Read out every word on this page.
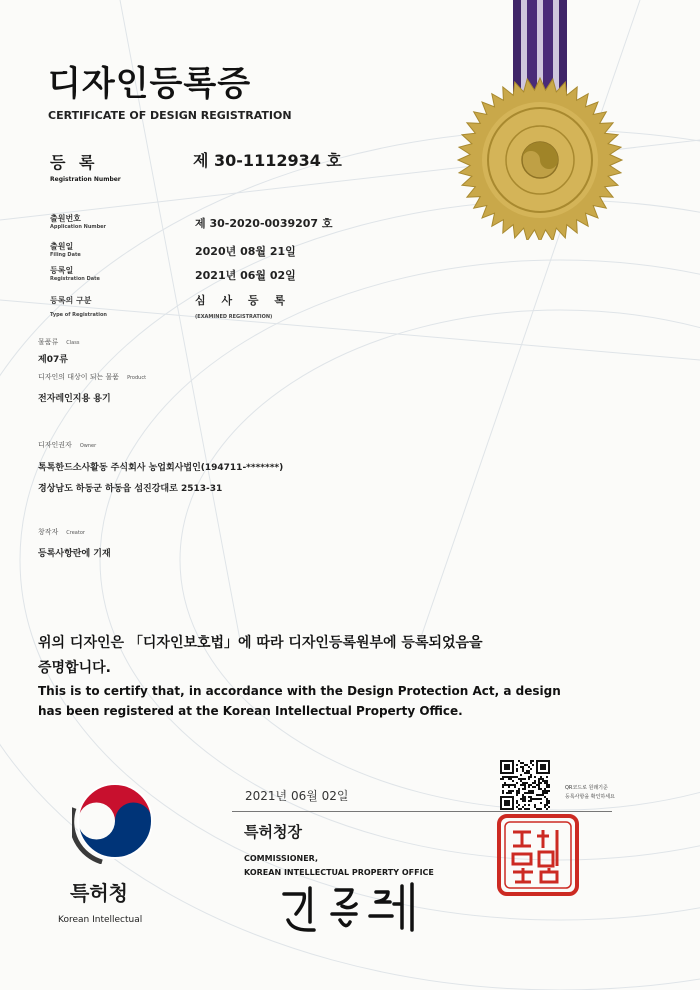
디자인등록증
CERTIFICATE OF DESIGN REGISTRATION
등 록
Registration Number
제 30-1112934 호
출원번호
Application Number	제 30-2020-0039207 호
출원일
Filing Date	2020년 08월 21일
등록일
Registration Date	2021년 06월 02일
등록의 구분
Type of Registration
심 사 등 록
(EXAMINED REGISTRATION)
물품류 Class
제07류
디자인의 대상이 되는 물품 Product
전자레인지용 용기
디자인권자 Owner
톡톡한드소사활동 주식회사 농업회사법인(194711-*******)
경상남도 하동군 하동읍 섬진강대로 2513-31
창작자 Creator
등록사항란에 기재
위의 디자인은 「디자인보호법」에 따라 디자인등록원부에 등록되었음을
증명합니다.
This is to certify that, in accordance with the Design Protection Act, a design
has been registered at the Korean Intellectual Property Office.
특허청
Korean Intellectual
2021년 06월 02일
QR코드로 원래기준
등록사항을 확인하세요
특허청장
COMMISSIONER,
KOREAN INTELLECTUAL PROPERTY OFFICE
